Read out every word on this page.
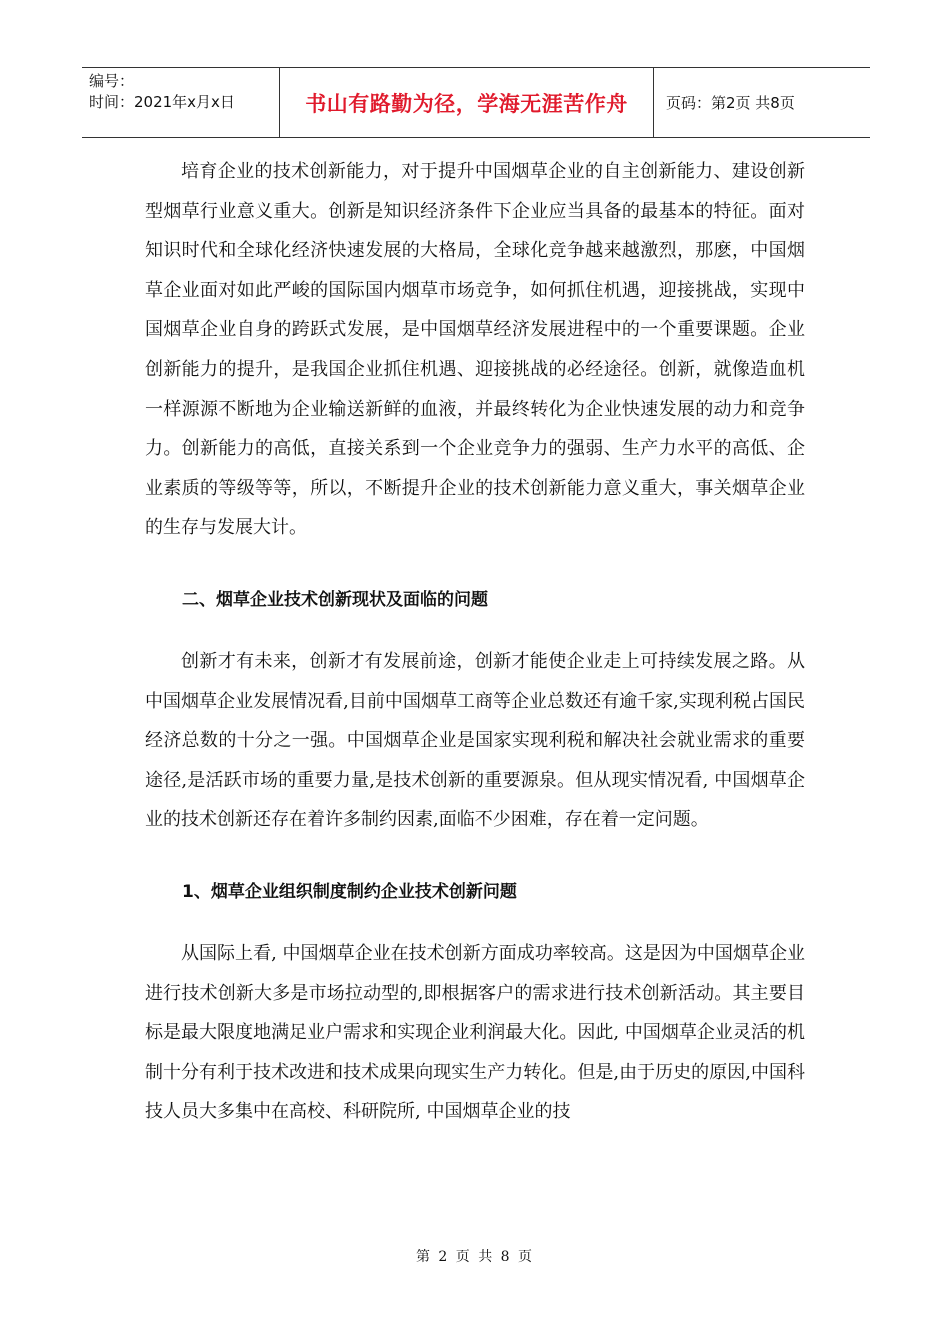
编号：
时间：2021年x月x日	书山有路勤为径，学海无涯苦作舟	页码：第2页 共8页

培育企业的技术创新能力，对于提升中国烟草企业的自主创新能力、建设创新型烟草行业意义重大。创新是知识经济条件下企业应当具备的最基本的特征。面对知识时代和全球化经济快速发展的大格局，全球化竞争越来越激烈，那麽，中国烟草企业面对如此严峻的国际国内烟草市场竞争，如何抓住机遇，迎接挑战，实现中国烟草企业自身的跨跃式发展，是中国烟草经济发展进程中的一个重要课题。企业创新能力的提升，是我国企业抓住机遇、迎接挑战的必经途径。创新，就像造血机一样源源不断地为企业输送新鲜的血液，并最终转化为企业快速发展的动力和竞争力。创新能力的高低，直接关系到一个企业竞争力的强弱、生产力水平的高低、企业素质的等级等等，所以，不断提升企业的技术创新能力意义重大，事关烟草企业的生存与发展大计。

二、烟草企业技术创新现状及面临的问题

创新才有未来，创新才有发展前途，创新才能使企业走上可持续发展之路。从中国烟草企业发展情况看,目前中国烟草工商等企业总数还有逾千家,实现利税占国民经济总数的十分之一强。中国烟草企业是国家实现利税和解决社会就业需求的重要途径,是活跃市场的重要力量,是技术创新的重要源泉。但从现实情况看, 中国烟草企业的技术创新还存在着许多制约因素,面临不少困难，存在着一定问题。

1、烟草企业组织制度制约企业技术创新问题

从国际上看, 中国烟草企业在技术创新方面成功率较高。这是因为中国烟草企业进行技术创新大多是市场拉动型的,即根据客户的需求进行技术创新活动。其主要目标是最大限度地满足业户需求和实现企业利润最大化。因此, 中国烟草企业灵活的机制十分有利于技术改进和技术成果向现实生产力转化。但是,由于历史的原因,中国科技人员大多集中在高校、科研院所, 中国烟草企业的技

第 2 页 共 8 页
